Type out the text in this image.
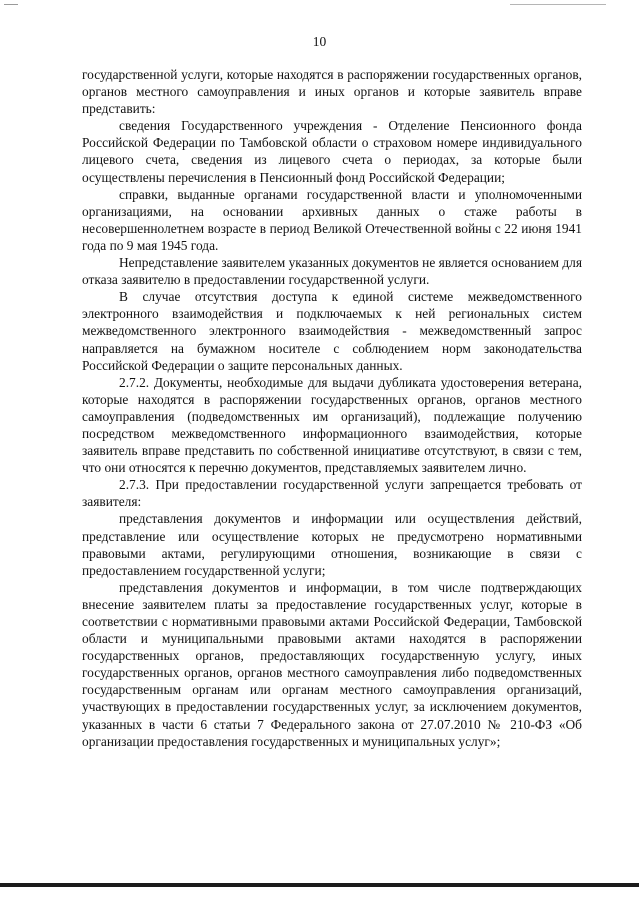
10

государственной услуги, которые находятся в распоряжении государственных органов, органов местного самоуправления и иных органов и которые заявитель вправе представить:

сведения Государственного учреждения - Отделение Пенсионного фонда Российской Федерации по Тамбовской области о страховом номере индивидуального лицевого счета, сведения из лицевого счета о периодах, за которые были осуществлены перечисления в Пенсионный фонд Российской Федерации;

справки, выданные органами государственной власти и уполномоченными организациями, на основании архивных данных о стаже работы в несовершеннолетнем возрасте в период Великой Отечественной войны с 22 июня 1941 года по 9 мая 1945 года.

Непредставление заявителем указанных документов не является основанием для отказа заявителю в предоставлении государственной услуги.

В случае отсутствия доступа к единой системе межведомственного электронного взаимодействия и подключаемых к ней региональных систем межведомственного электронного взаимодействия - межведомственный запрос направляется на бумажном носителе с соблюдением норм законодательства Российской Федерации о защите персональных данных.

2.7.2. Документы, необходимые для выдачи дубликата удостоверения ветерана, которые находятся в распоряжении государственных органов, органов местного самоуправления (подведомственных им организаций), подлежащие получению посредством межведомственного информационного взаимодействия, которые заявитель вправе представить по собственной инициативе отсутствуют, в связи с тем, что они относятся к перечню документов, представляемых заявителем лично.

2.7.3. При предоставлении государственной услуги запрещается требовать от заявителя:

представления документов и информации или осуществления действий, представление или осуществление которых не предусмотрено нормативными правовыми актами, регулирующими отношения, возникающие в связи с предоставлением государственной услуги;

представления документов и информации, в том числе подтверждающих внесение заявителем платы за предоставление государственных услуг, которые в соответствии с нормативными правовыми актами Российской Федерации, Тамбовской области и муниципальными правовыми актами находятся в распоряжении государственных органов, предоставляющих государственную услугу, иных государственных органов, органов местного самоуправления либо подведомственных государственным органам или органам местного самоуправления организаций, участвующих в предоставлении государственных услуг, за исключением документов, указанных в части 6 статьи 7 Федерального закона от 27.07.2010 № 210-ФЗ «Об организации предоставления государственных и муниципальных услуг»;
